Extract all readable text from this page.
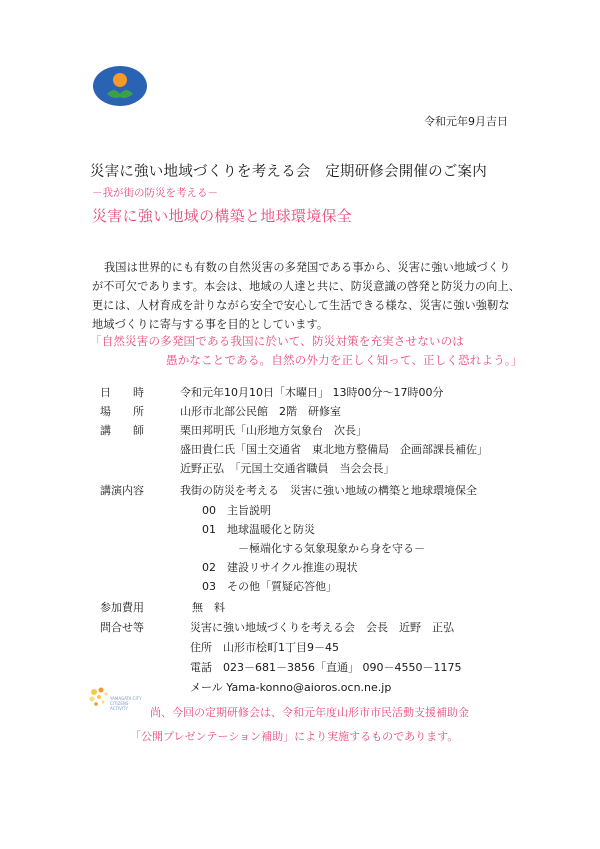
令和元年9月吉日
災害に強い地域づくりを考える会　定期研修会開催のご案内
－我が街の防災を考える－
災害に強い地域の構築と地球環境保全
我国は世界的にも有数の自然災害の多発国である事から、災害に強い地域づくり
が不可欠であります。本会は、地域の人達と共に、防災意識の啓発と防災力の向上、
更には、人材育成を計りながら安全で安心して生活できる様な、災害に強い強靭な
地域づくりに寄与する事を目的としています。
「自然災害の多発国である我国に於いて、防災対策を充実させないのは
愚かなことである。自然の外力を正しく知って、正しく恐れよう。」
日　　時	令和元年10月10日「木曜日」 13時00分～17時00分
場　　所	山形市北部公民館　2階　研修室
講　　師	栗田邦明氏「山形地方気象台　次長」
盛田貴仁氏「国土交通省　東北地方整備局　企画部課長補佐」
近野正弘　「元国土交通省職員　当会会長」
講演内容	我街の防災を考える　災害に強い地域の構築と地球環境保全
00　主旨説明
01　地球温暖化と防災
－極端化する気象現象から身を守る－
02　建設リサイクル推進の現状
03　その他「質疑応答他」
参加費用	無　料
問合せ等	災害に強い地域づくりを考える会　会長　近野　正弘
住所　山形市桧町1丁目9－45
電話　023－681－3856「直通」 090－4550－1175
メール Yama-konno@aioros.ocn.ne.jp
YAMAGATA CITY CITIZENS ACTIVITY	尚、今回の定期研修会は、令和元年度山形市市民活動支援補助金
「公開プレゼンテーション補助」により実施するものであります。
